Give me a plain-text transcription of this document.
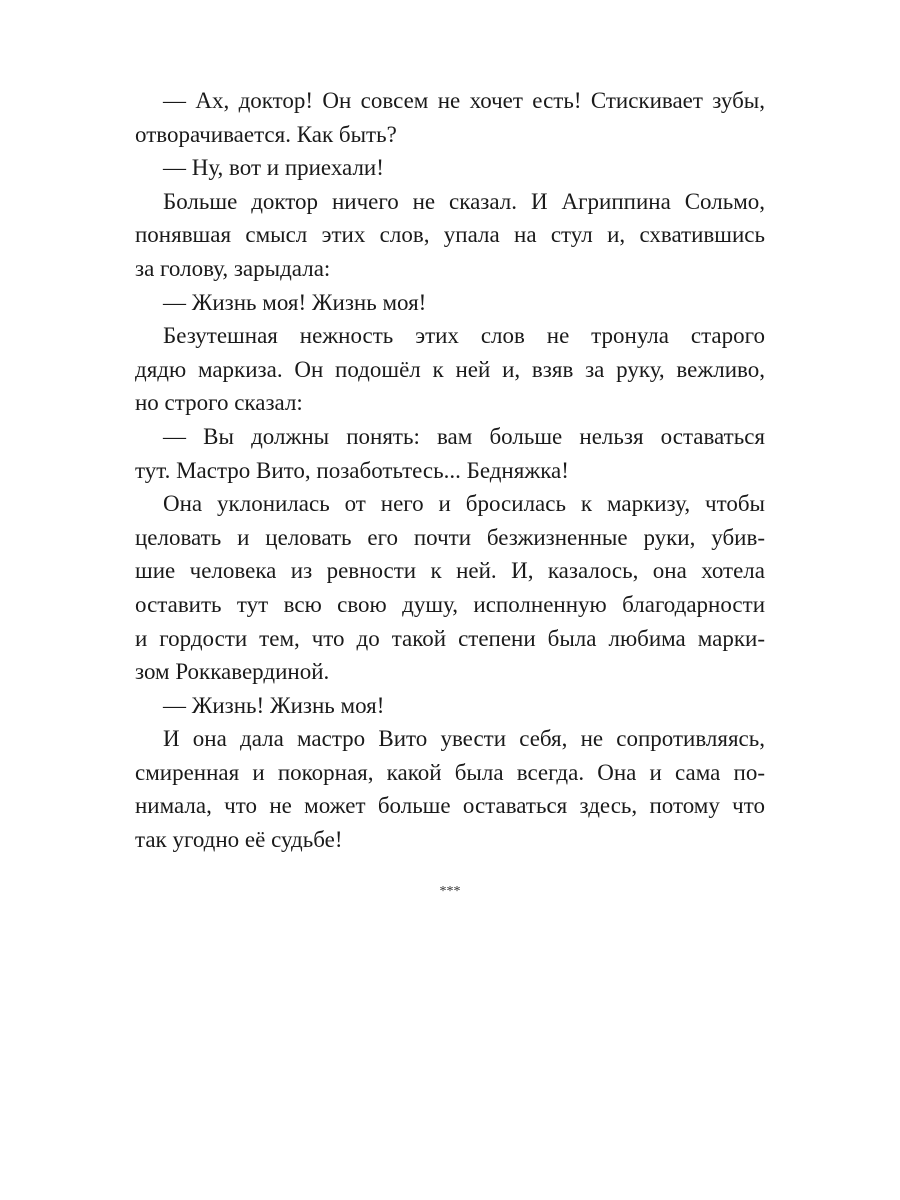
— Ах, доктор! Он совсем не хочет есть! Стискивает зубы,
отворачивается. Как быть?
— Ну, вот и приехали!
Больше доктор ничего не сказал. И Агриппина Сольмо,
понявшая смысл этих слов, упала на стул и, схватившись
за голову, зарыдала:
— Жизнь моя! Жизнь моя!
Безутешная нежность этих слов не тронула старого
дядю маркиза. Он подошёл к ней и, взяв за руку, вежливо,
но строго сказал:
— Вы должны понять: вам больше нельзя оставаться
тут. Мастро Вито, позаботьтесь... Бедняжка!
Она уклонилась от него и бросилась к маркизу, чтобы
целовать и целовать его почти безжизненные руки, убив-
шие человека из ревности к ней. И, казалось, она хотела
оставить тут всю свою душу, исполненную благодарности
и гордости тем, что до такой степени была любима марки-
зом Роккавердиной.
— Жизнь! Жизнь моя!
И она дала мастро Вито увести себя, не сопротивляясь,
смиренная и покорная, какой была всегда. Она и сама по-
нимала, что не может больше оставаться здесь, потому что
так угодно её судьбе!
***
